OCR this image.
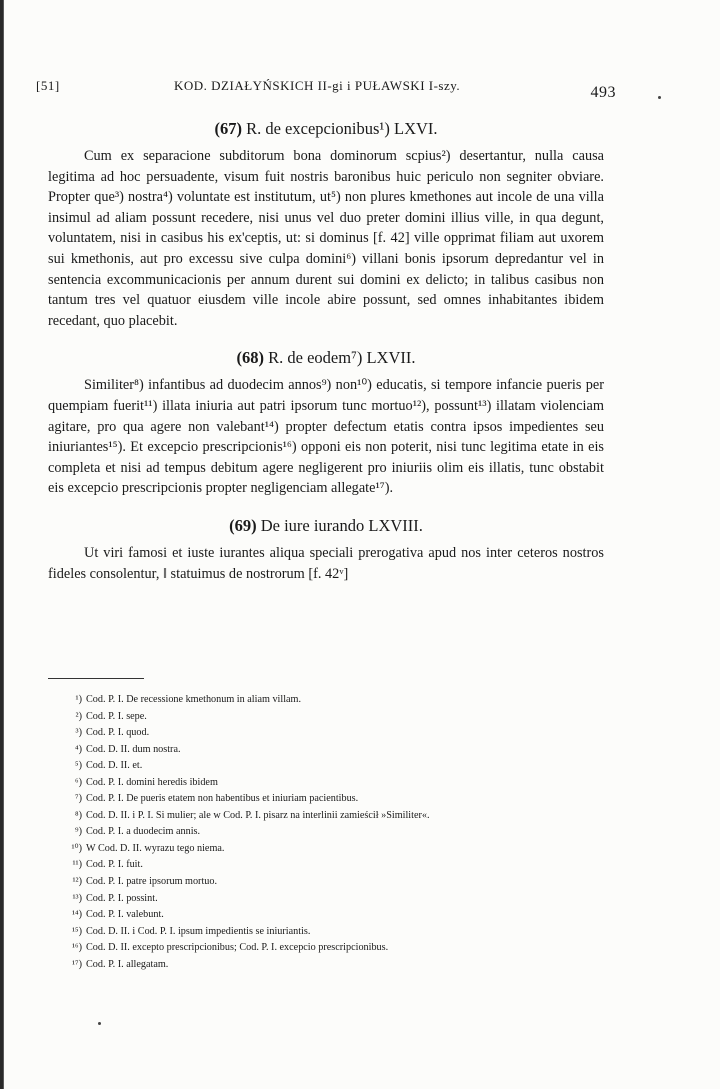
[51]	KOD. DZIAŁYŃSKICH II-gi i PUŁAWSKI I-szy.	493
(67) R. de excepcionibus¹) LXVI.

Cum ex separacione subditorum bona dominorum scpius²) desertantur, nulla causa legitima ad hoc persuadente, visum fuit nostris baronibus huic periculo non segniter obviare. Propter que³) nostra⁴) voluntate est institutum, ut⁵) non plures kmethones aut incole de una villa insimul ad aliam possunt recedere, nisi unus vel duo preter domini illius ville, in qua degunt, voluntatem, nisi in casibus his ex'ceptis, ut: si dominus [f. 42] ville opprimat filiam aut uxorem sui kmethonis, aut pro excessu sive culpa domini⁶) villani bonis ipsorum depredantur vel in sentencia excommunicacionis per annum durent sui domini ex delicto; in talibus casibus non tantum tres vel quatuor eiusdem ville incole abire possunt, sed omnes inhabitantes ibidem recedant, quo placebit.

(68) R. de eodem⁷) LXVII.

Similiter⁸) infantibus ad duodecim annos⁹) non¹⁰) educatis, si tempore infancie pueris per quempiam fuerit¹¹) illata iniuria aut patri ipsorum tunc mortuo¹²), possunt¹³) illatam violenciam agitare, pro qua agere non valebant¹⁴) propter defectum etatis contra ipsos impedientes seu iniuriantes¹⁵). Et excepcio prescripcionis¹⁶) opponi eis non poterit, nisi tunc legitima etate in eis completa et nisi ad tempus debitum agere negligerent pro iniuriis olim eis illatis, tunc obstabit eis excepcio prescripcionis propter negligenciam allegate¹⁷).

(69) De iure iurando LXVIII.

Ut viri famosi et iuste iurantes aliqua speciali prerogativa apud nos inter ceteros nostros fideles consolentur, ǁ statuimus de nostrorum [f. 42ᵛ]

¹) Cod. P. I. De recessione kmethonum in aliam villam.
²) Cod. P. I. sepe.
³) Cod. P. I. quod.
⁴) Cod. D. II. dum nostra.
⁵) Cod. D. II. et.
⁶) Cod. P. I. domini heredis ibidem
⁷) Cod. P. I. De pueris etatem non habentibus et iniuriam pacientibus.
⁸) Cod. D. II. i P. I. Si mulier; ale w Cod. P. I. pisarz na interlinii zamieścił »Similiter«.
⁹) Cod. P. I. a duodecim annis.
¹⁰) W Cod. D. II. wyrazu tego niema.
¹¹) Cod. P. I. fuit.
¹²) Cod. P. I. patre ipsorum mortuo.
¹³) Cod. P. I. possint.
¹⁴) Cod. P. I. valebunt.
¹⁵) Cod. D. II. i Cod. P. I. ipsum impedientis se iniuriantis.
¹⁶) Cod. D. II. excepto prescripcionibus; Cod. P. I. excepcio prescripcionibus.
¹⁷) Cod. P. I. allegatam.
